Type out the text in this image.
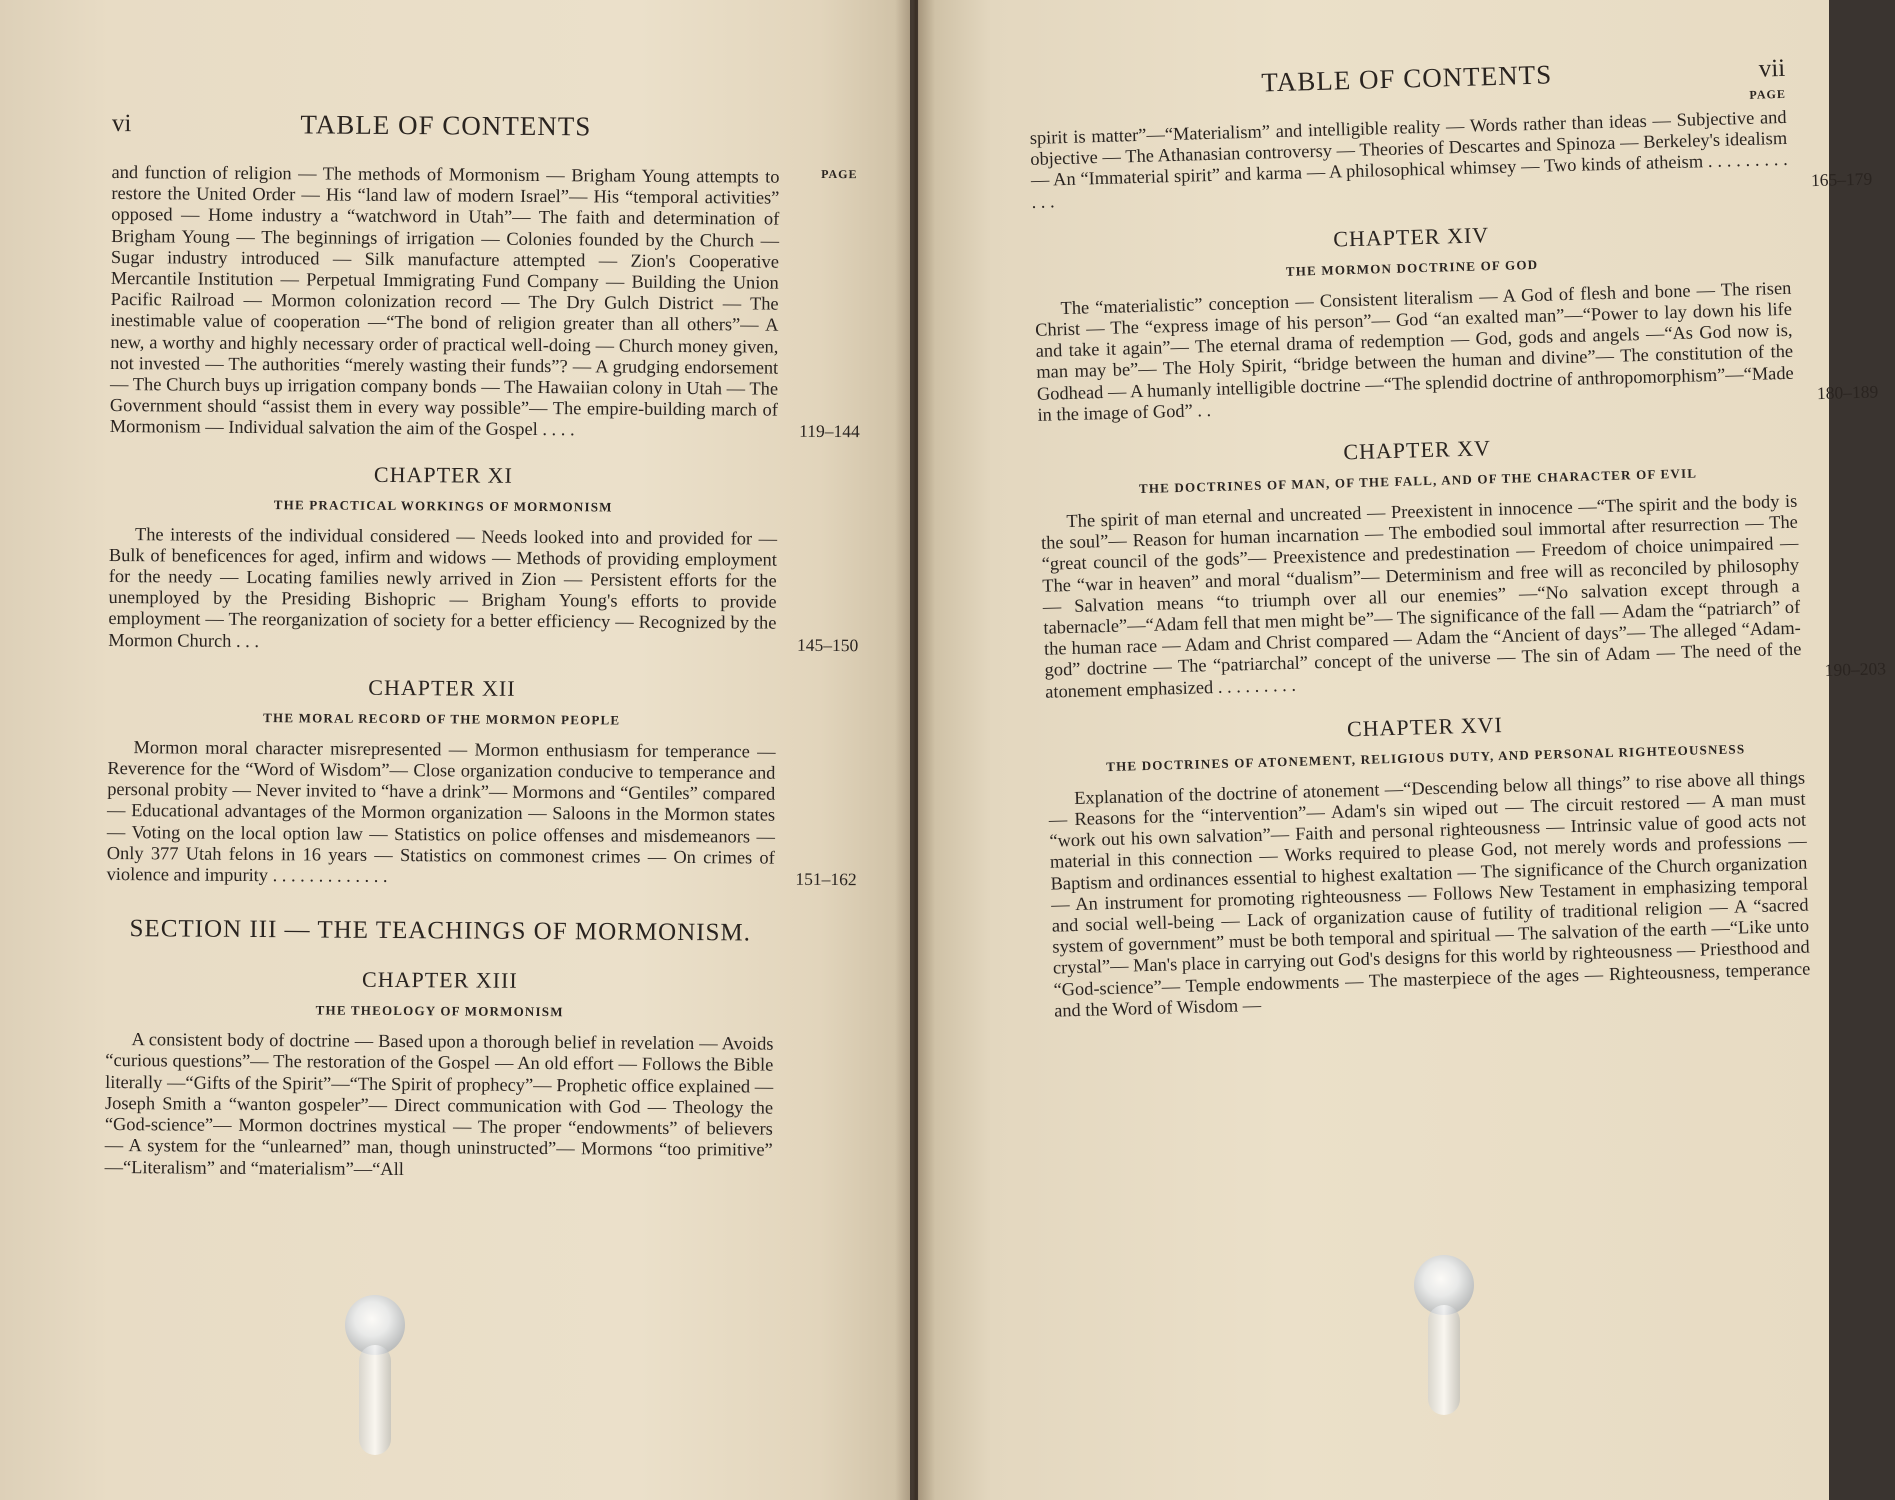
vi	TABLE OF CONTENTS
PAGE

and function of religion — The methods of Mormonism — Brigham Young attempts to restore the United Order — His “land law of modern Israel”— His “temporal activities” opposed — Home industry a “watchword in Utah”— The faith and determination of Brigham Young — The beginnings of irrigation — Colonies founded by the Church — Sugar industry introduced — Silk manufacture attempted — Zion's Cooperative Mercantile Institution — Perpetual Immigrating Fund Company — Building the Union Pacific Railroad — Mormon colonization record — The Dry Gulch District — The inestimable value of cooperation —“The bond of religion greater than all others”— A new, a worthy and highly necessary order of practical well-doing — Church money given, not invested — The authorities “merely wasting their funds”? — A grudging endorsement — The Church buys up irrigation company bonds — The Hawaiian colony in Utah — The Government should “assist them in every way possible”— The empire-building march of Mormonism — Individual salvation the aim of the Gospel . . . .	119–144

CHAPTER XI
THE PRACTICAL WORKINGS OF MORMONISM

The interests of the individual considered — Needs looked into and provided for — Bulk of beneficences for aged, infirm and widows — Methods of providing employment for the needy — Locating families newly arrived in Zion — Persistent efforts for the unemployed by the Presiding Bishopric — Brigham Young's efforts to provide employment — The reorganization of society for a better efficiency — Recognized by the Mormon Church . . .	145–150

CHAPTER XII
THE MORAL RECORD OF THE MORMON PEOPLE

Mormon moral character misrepresented — Mormon enthusiasm for temperance — Reverence for the “Word of Wisdom”— Close organization conducive to temperance and personal probity — Never invited to “have a drink”— Mormons and “Gentiles” compared — Educational advantages of the Mormon organization — Saloons in the Mormon states — Voting on the local option law — Statistics on police offenses and misdemeanors — Only 377 Utah felons in 16 years — Statistics on commonest crimes — On crimes of violence and impurity . . . . . . . . . . . . .	151–162

SECTION III — THE TEACHINGS OF MORMONISM.
CHAPTER XIII
THE THEOLOGY OF MORMONISM

A consistent body of doctrine — Based upon a thorough belief in revelation — Avoids “curious questions”— The restoration of the Gospel — An old effort — Follows the Bible literally —“Gifts of the Spirit”—“The Spirit of prophecy”— Prophetic office explained — Joseph Smith a “wanton gospeler”— Direct communication with God — Theology the “God-science”— Mormon doctrines mystical — The proper “endowments” of believers — A system for the “unlearned” man, though uninstructed”— Mormons “too primitive” —“Literalism” and “materialism”—“All

TABLE OF CONTENTS	vii
PAGE

spirit is matter”—“Materialism” and intelligible reality — Words rather than ideas — Subjective and objective — The Athanasian controversy — Theories of Descartes and Spinoza — Berkeley's idealism — An “Immaterial spirit” and karma — A philosophical whimsey — Two kinds of atheism . . . . . . . . . . . .
165–179

CHAPTER XIV
THE MORMON DOCTRINE OF GOD

The “materialistic” conception — Consistent literalism — A God of flesh and bone — The risen Christ — The “express image of his person”— God “an exalted man”—“Power to lay down his life and take it again”— The eternal drama of redemption — God, gods and angels —“As God now is, man may be”— The Holy Spirit, “bridge between the human and divine”— The constitution of the Godhead — A humanly intelligible doctrine —“The splendid doctrine of anthropomorphism”—“Made in the image of God” . .
180–189

CHAPTER XV
THE DOCTRINES OF MAN, OF THE FALL, AND OF THE CHARACTER OF EVIL

The spirit of man eternal and uncreated — Preexistent in innocence —“The spirit and the body is the soul”— Reason for human incarnation — The embodied soul immortal after resurrection — The “great council of the gods”— Preexistence and predestination — Freedom of choice unimpaired — The “war in heaven” and moral “dualism”— Determinism and free will as reconciled by philosophy — Salvation means “to triumph over all our enemies” —“No salvation except through a tabernacle”—“Adam fell that men might be”— The significance of the fall — Adam the “patriarch” of the human race — Adam and Christ compared — Adam the “Ancient of days”— The alleged “Adam-god” doctrine — The “patriarchal” concept of the universe — The sin of Adam — The need of the atonement emphasized . . . . . . . . .
190–203

CHAPTER XVI
THE DOCTRINES OF ATONEMENT, RELIGIOUS DUTY, AND PERSONAL RIGHTEOUSNESS

Explanation of the doctrine of atonement —“Descending below all things” to rise above all things — Reasons for the “intervention”— Adam's sin wiped out — The circuit restored — A man must “work out his own salvation”— Faith and personal righteousness — Intrinsic value of good acts not material in this connection — Works required to please God, not merely words and professions — Baptism and ordinances essential to highest exaltation — The significance of the Church organization — An instrument for promoting righteousness — Follows New Testament in emphasizing temporal and social well-being — Lack of organization cause of futility of traditional religion — A “sacred system of government” must be both temporal and spiritual — The salvation of the earth —“Like unto crystal”— Man's place in carrying out God's designs for this world by righteousness — Priesthood and “God-science”— Temple endowments — The masterpiece of the ages — Righteousness, temperance and the Word of Wisdom —
